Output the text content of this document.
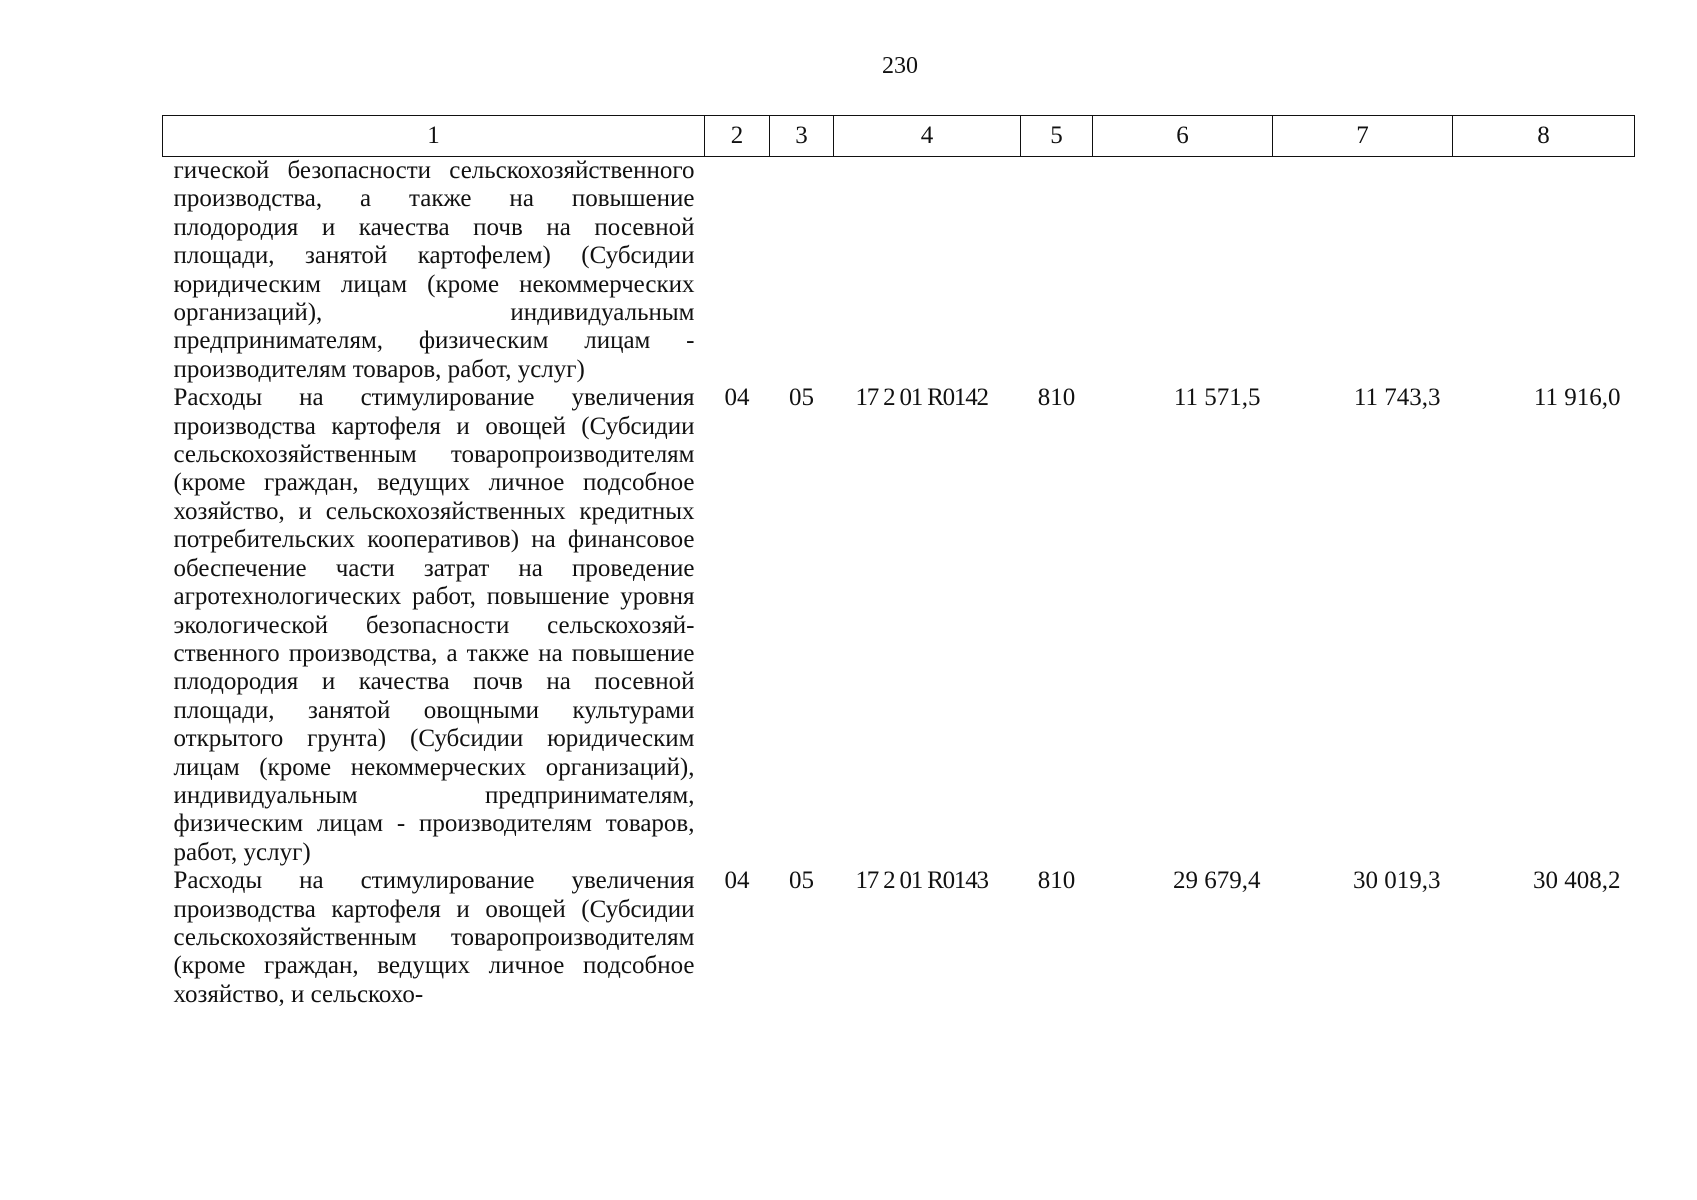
230
1	2	3	4	5	6	7	8
гической безопасности сельскохозяйственного производства, а также на повышение плодородия и качества почв на посевной площади, занятой картофелем) (Субсидии юридическим лицам (кроме некоммерческих организаций), индивидуальным предпринимателям, физическим лицам - производителям товаров, работ, услуг)							
Расходы на стимулирование увеличения производства картофеля и овощей (Субсидии сельскохозяйственным товаропроизводителям (кроме граждан, ведущих личное подсобное хозяйство, и сельскохозяйственных кредитных потребительских кооперативов) на финансовое обеспечение части затрат на проведение агротехнологических работ, повышение уровня экологической безопасности сельскохозяйственного производства, а также на повышение плодородия и качества почв на посевной площади, занятой овощными культурами открытого грунта) (Субсидии юридическим лицам (кроме некоммерческих организаций), индивидуальным предпринимателям, физическим лицам - производителям товаров, работ, услуг)	04	05	17 2 01 R0142	810	11 571,5	11 743,3	11 916,0
Расходы на стимулирование увеличения производства картофеля и овощей (Субсидии сельскохозяйственным товаропроизводителям (кроме граждан, ведущих личное подсобное хозяйство, и сельскохо-	04	05	17 2 01 R0143	810	29 679,4	30 019,3	30 408,2
